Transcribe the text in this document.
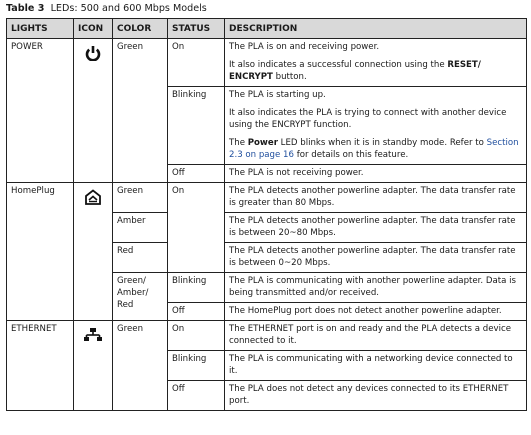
Table 3 LEDs: 500 and 600 Mbps Models
LIGHTS	ICON	COLOR	STATUS	DESCRIPTION
POWER		Green	On	The PLA is on and receiving power.

It also indicates a successful connection using the RESET/ ENCRYPT button.

			Blinking	The PLA is starting up.

It also indicates the PLA is trying to connect with another device using the ENCRYPT function.

The Power LED blinks when it is in standby mode. Refer to Section 2.3 on page 16 for details on this feature.

			Off	The PLA is not receiving power.
HomePlug		Green	On	The PLA detects another powerline adapter. The data transfer rate is greater than 80 Mbps.
		Amber		The PLA detects another powerline adapter. The data transfer rate is between 20~80 Mbps.
		Red		The PLA detects another powerline adapter. The data transfer rate is between 0~20 Mbps.
		Green/ Amber/ Red	Blinking	The PLA is communicating with another powerline adapter. Data is being transmitted and/or received.
			Off	The HomePlug port does not detect another powerline adapter.
ETHERNET		Green	On	The ETHERNET port is on and ready and the PLA detects a device connected to it.
			Blinking	The PLA is communicating with a networking device connected to it.
			Off	The PLA does not detect any devices connected to its ETHERNET port.
